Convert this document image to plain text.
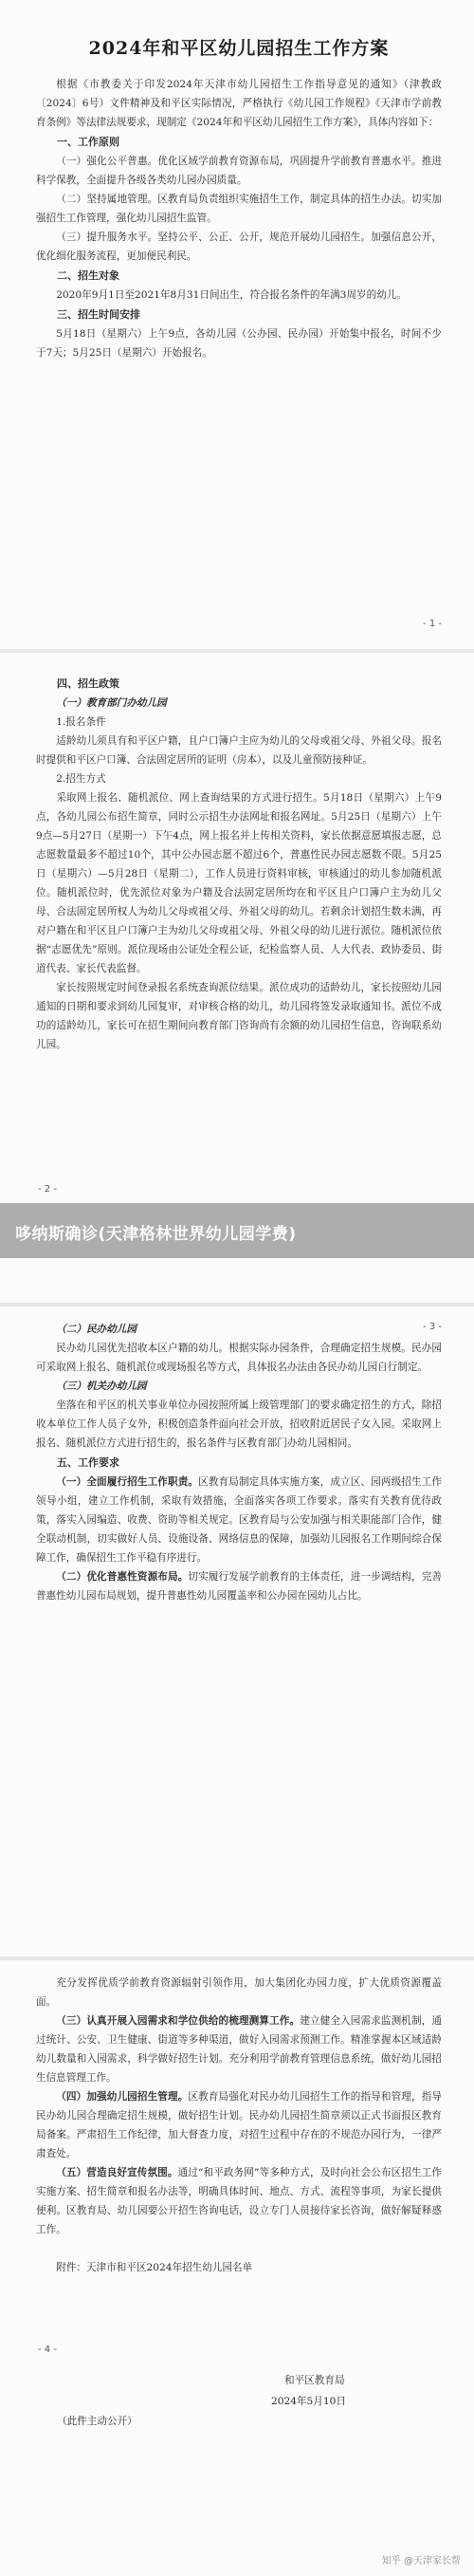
2024年和平区幼儿园招生工作方案

根据《市教委关于印发2024年天津市幼儿园招生工作指导意见的通知》（津教政〔2024〕6号）文件精神及和平区实际情况，严格执行《幼儿园工作规程》《天津市学前教育条例》等法律法规要求，现制定《2024年和平区幼儿园招生工作方案》，具体内容如下：

一、工作原则

（一）强化公平普惠。优化区域学前教育资源布局，巩固提升学前教育普惠水平。推进科学保教，全面提升各级各类幼儿园办园质量。

（二）坚持属地管理。区教育局负责组织实施招生工作，制定具体的招生办法。切实加强招生工作管理，强化幼儿园招生监管。

（三）提升服务水平。坚持公平、公正、公开，规范开展幼儿园招生。加强信息公开，优化细化服务流程，更加便民利民。

二、招生对象

2020年9月1日至2021年8月31日间出生，符合报名条件的年满3周岁的幼儿。

三、招生时间安排

5月18日（星期六）上午9点，各幼儿园（公办园、民办园）开始集中报名，时间不少于7天；5月25日（星期六）开始报名。

- 1 -

四、招生政策

（一）教育部门办幼儿园

1.报名条件

适龄幼儿须具有和平区户籍，且户口簿户主应为幼儿的父母或祖父母、外祖父母。报名时提供和平区户口簿、合法固定居所的证明（房本），以及儿童预防接种证。

2.招生方式

采取网上报名、随机派位、网上查询结果的方式进行招生。5月18日（星期六）上午9点，各幼儿园公布招生简章，同时公示招生办法网址和报名网址。5月25日（星期六）上午9点—5月27日（星期一）下午4点，网上报名并上传相关资料，家长依据意愿填报志愿，总志愿数量最多不超过10个，其中公办园志愿不超过6个，普惠性民办园志愿数不限。5月25日（星期六）—5月28日（星期二），工作人员进行资料审核，审核通过的幼儿参加随机派位。随机派位时，优先派位对象为户籍及合法固定居所均在和平区且户口簿户主为幼儿父母、合法固定居所权人为幼儿父母或祖父母、外祖父母的幼儿。若剩余计划招生数未满，再对户籍在和平区且户口簿户主为幼儿父母或祖父母、外祖父母的幼儿进行派位。随机派位依据“志愿优先”原则。派位现场由公证处全程公证，纪检监察人员、人大代表、政协委员、街道代表、家长代表监督。

家长按照规定时间登录报名系统查询派位结果。派位成功的适龄幼儿，家长按照幼儿园通知的日期和要求到幼儿园复审，对审核合格的幼儿，幼儿园将签发录取通知书。派位不成功的适龄幼儿，家长可在招生期间向教育部门咨询尚有余额的幼儿园招生信息，咨询联系幼儿园。

- 2 -
哆纳斯确诊(天津格林世界幼儿园学费)

（二）民办幼儿园

民办幼儿园优先招收本区户籍的幼儿。根据实际办园条件，合理确定招生规模。民办园可采取网上报名、随机派位或现场报名等方式，具体报名办法由各民办幼儿园自行制定。

（三）机关办幼儿园

坐落在和平区的机关事业单位办园按照所属上级管理部门的要求确定招生的方式，除招收本单位工作人员子女外，积极创造条件面向社会开放，招收附近居民子女入园。采取网上报名、随机派位方式进行招生的，报名条件与区教育部门办幼儿园相同。

五、工作要求

（一）全面履行招生工作职责。区教育局制定具体实施方案，成立区、园两级招生工作领导小组，建立工作机制，采取有效措施，全面落实各项工作要求。落实有关教育优待政策，落实入园编造、收费、资助等相关规定。区教育局与公安加强与相关职能部门合作，健全联动机制，切实做好人员、设施设备、网络信息的保障，加强幼儿园报名工作期间综合保障工作，确保招生工作平稳有序进行。

（二）优化普惠性资源布局。切实履行发展学前教育的主体责任，进一步调结构，完善普惠性幼儿园布局规划，提升普惠性幼儿园覆盖率和公办园在园幼儿占比。

- 3 -

充分发挥优质学前教育资源辐射引领作用，加大集团化办园力度，扩大优质资源覆盖面。

（三）认真开展入园需求和学位供给的梳理测算工作。建立健全入园需求监测机制，通过统计、公安、卫生健康、街道等多种渠道，做好入园需求预测工作。精准掌握本区域适龄幼儿数量和入园需求，科学做好招生计划。充分利用学前教育管理信息系统，做好幼儿园招生信息管理工作。

（四）加强幼儿园招生管理。区教育局强化对民办幼儿园招生工作的指导和管理，指导民办幼儿园合理确定招生规模，做好招生计划。民办幼儿园招生简章须以正式书面报区教育局备案。严肃招生工作纪律，加大督查力度，对招生过程中存在的不规范办园行为，一律严肃查处。

（五）营造良好宣传氛围。通过“和平政务网”等多种方式，及时向社会公布区招生工作实施方案、招生简章和报名办法等，明确具体时间、地点、方式、流程等事项，为家长提供便利。区教育局、幼儿园要公开招生咨询电话，设立专门人员接待家长咨询，做好解疑释惑工作。

附件：天津市和平区2024年招生幼儿园名单

- 4 -
和平区教育局
2024年5月10日
（此件主动公开）
知乎 @天津家长帮
